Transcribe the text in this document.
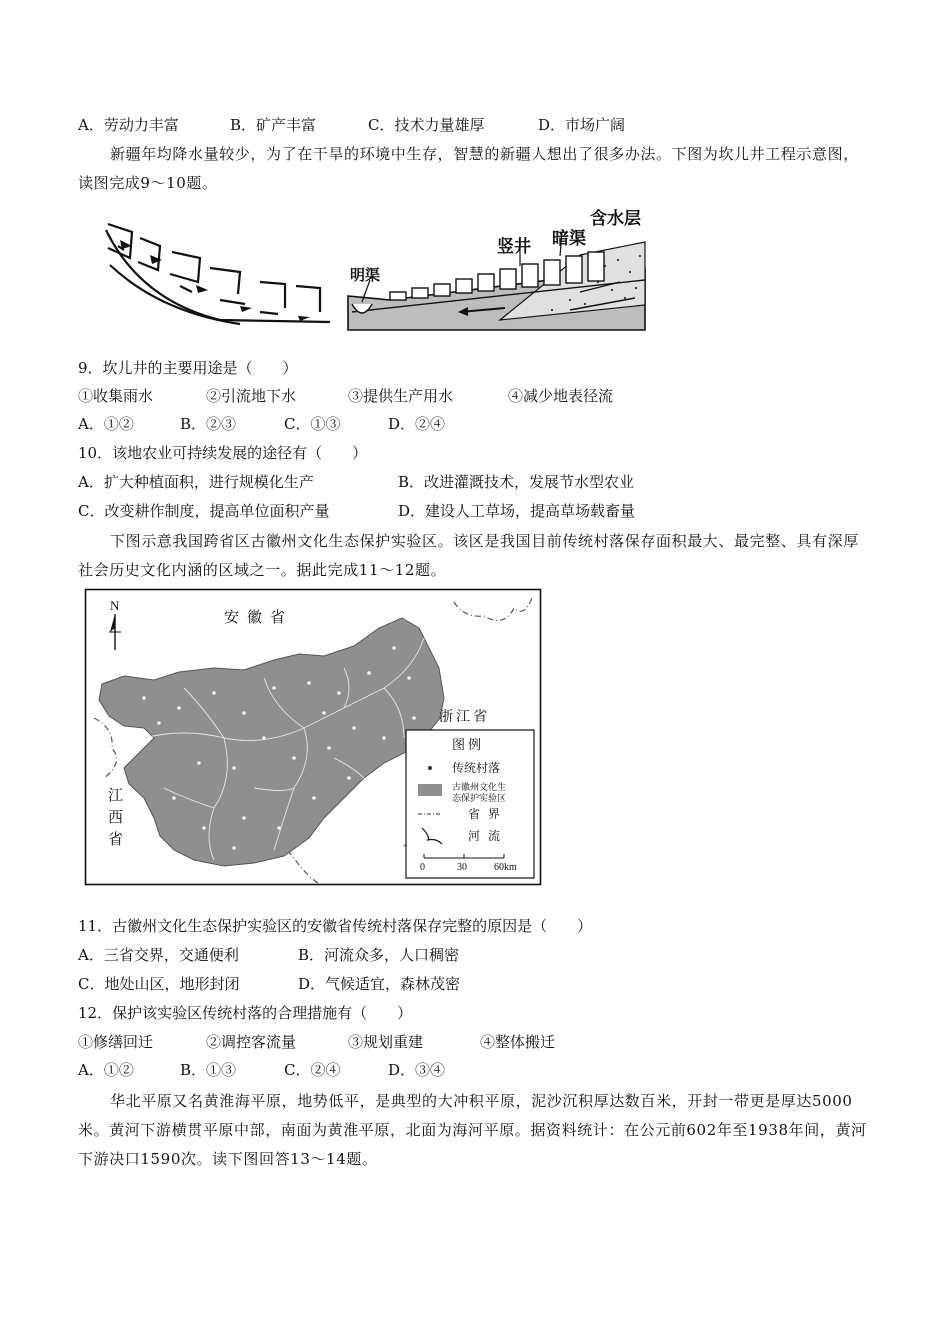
A．劳动力丰富	B．矿产丰富	C．技术力量雄厚	D．市场广阔
新疆年均降水量较少，为了在干旱的环境中生存，智慧的新疆人想出了很多办法。下图为坎儿井工程示意图，读图完成9～10题。
含水层
暗渠
竖井
明渠
9．坎儿井的主要用途是（　　）
①收集雨水	②引流地下水	③提供生产用水	④减少地表径流
A．①②	B．②③	C．①③	D．②④
10．该地农业可持续发展的途径有（　　）
A．扩大种植面积，进行规模化生产	B．改进灌溉技术，发展节水型农业
C．改变耕作制度，提高单位面积产量	D．建设人工草场，提高草场载畜量
下图示意我国跨省区古徽州文化生态保护实验区。该区是我国目前传统村落保存面积最大、最完整、具有深厚社会历史文化内涵的区域之一。据此完成11～12题。
N
安徽省
浙江省
江
西
省
图例
传统村落
古徽州文化生
态保护实验区
省界
河流
0	30	60km
11．古徽州文化生态保护实验区的安徽省传统村落保存完整的原因是（　　）
A．三省交界，交通便利	B．河流众多，人口稠密
C．地处山区，地形封闭	D．气候适宜，森林茂密
12．保护该实验区传统村落的合理措施有（　　）
①修缮回迁	②调控客流量	③规划重建	④整体搬迁
A．①②	B．①③	C．②④	D．③④
华北平原又名黄淮海平原，地势低平，是典型的大冲积平原，泥沙沉积厚达数百米，开封一带更是厚达5000米。黄河下游横贯平原中部，南面为黄淮平原，北面为海河平原。据资料统计：在公元前602年至1938年间，黄河下游决口1590次。读下图回答13～14题。
